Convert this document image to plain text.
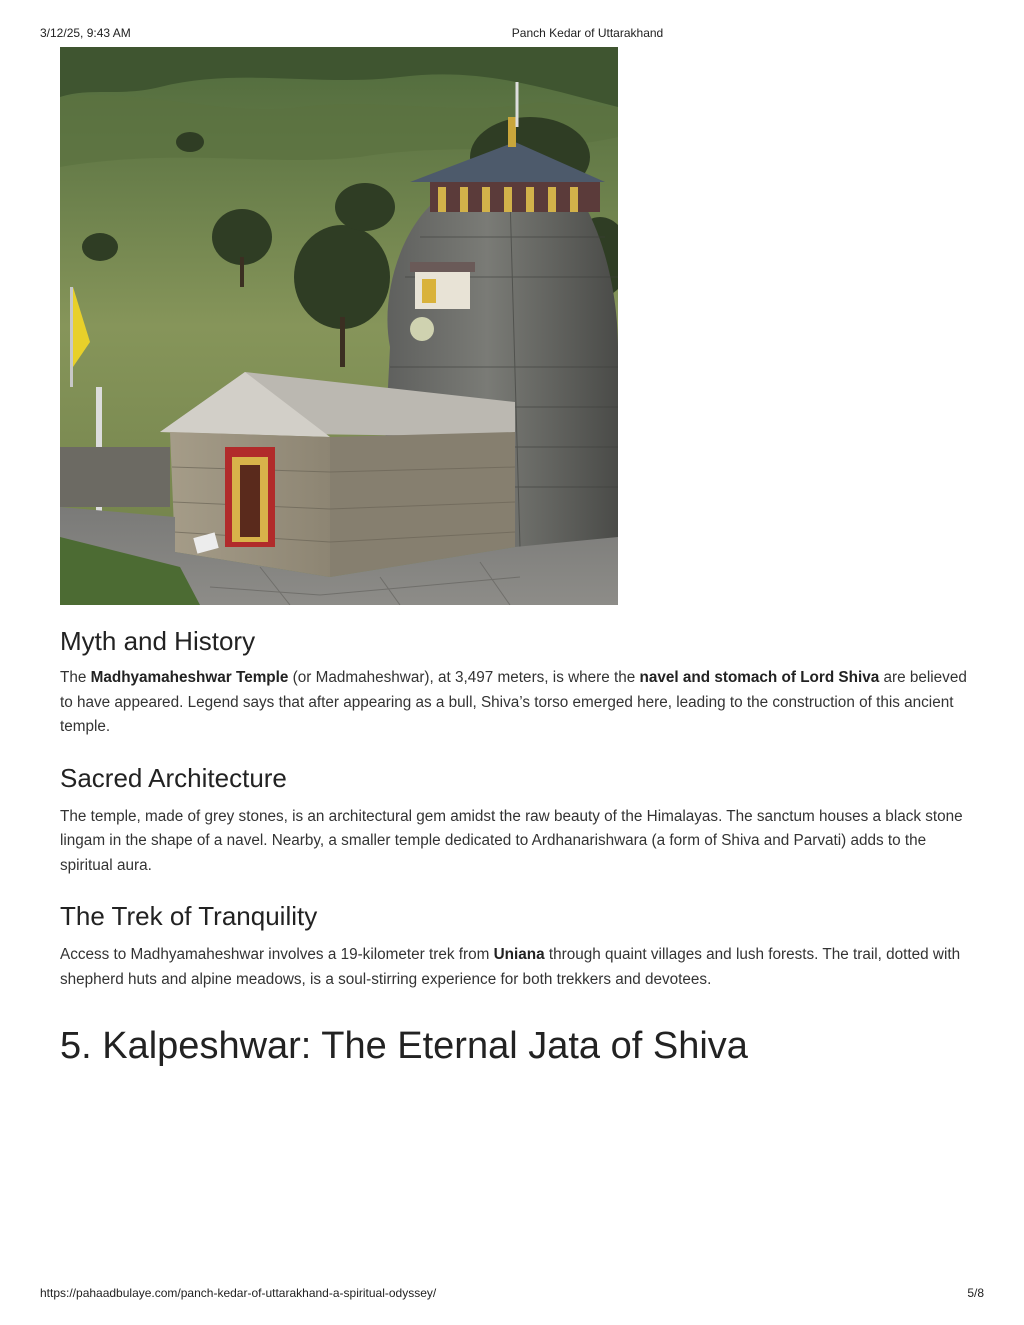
3/12/25, 9:43 AM	Panch Kedar of Uttarakhand
Myth and History

The Madhyamaheshwar Temple (or Madmaheshwar), at 3,497 meters, is where the navel and stomach of Lord Shiva are believed to have appeared. Legend says that after appearing as a bull, Shiva’s torso emerged here, leading to the construction of this ancient temple.

Sacred Architecture

The temple, made of grey stones, is an architectural gem amidst the raw beauty of the Himalayas. The sanctum houses a black stone lingam in the shape of a navel. Nearby, a smaller temple dedicated to Ardhanarishwara (a form of Shiva and Parvati) adds to the spiritual aura.

The Trek of Tranquility

Access to Madhyamaheshwar involves a 19-kilometer trek from Uniana through quaint villages and lush forests. The trail, dotted with shepherd huts and alpine meadows, is a soul-stirring experience for both trekkers and devotees.

5. Kalpeshwar: The Eternal Jata of Shiva
https://pahaadbulaye.com/panch-kedar-of-uttarakhand-a-spiritual-odyssey/	5/8
